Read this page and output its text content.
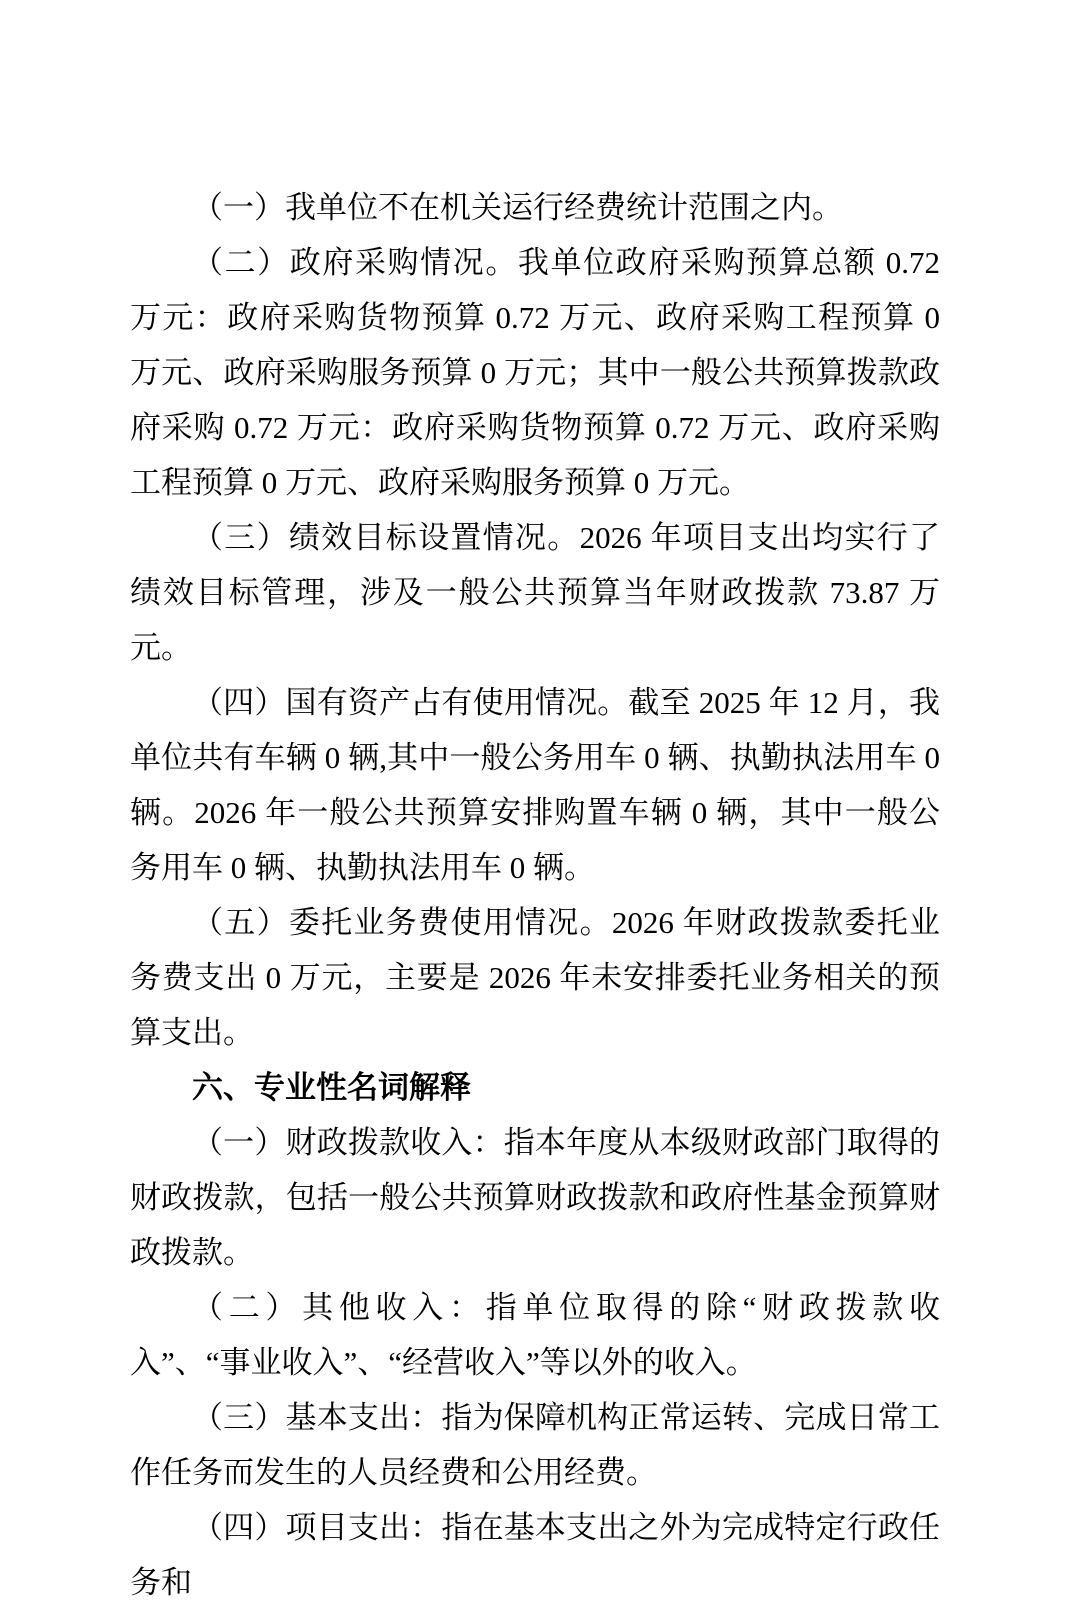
（一）我单位不在机关运行经费统计范围之内。

（二）政府采购情况。我单位政府采购预算总额 0.72 万元：政府采购货物预算 0.72 万元、政府采购工程预算 0 万元、政府采购服务预算 0 万元；其中一般公共预算拨款政府采购 0.72 万元：政府采购货物预算 0.72 万元、政府采购工程预算 0 万元、政府采购服务预算 0 万元。

（三）绩效目标设置情况。2026 年项目支出均实行了绩效目标管理，涉及一般公共预算当年财政拨款 73.87 万元。

（四）国有资产占有使用情况。截至 2025 年 12 月，我单位共有车辆 0 辆,其中一般公务用车 0 辆、执勤执法用车 0 辆。2026 年一般公共预算安排购置车辆 0 辆，其中一般公务用车 0 辆、执勤执法用车 0 辆。

（五）委托业务费使用情况。2026 年财政拨款委托业务费支出 0 万元，主要是 2026 年未安排委托业务相关的预算支出。

六、专业性名词解释

（一）财政拨款收入：指本年度从本级财政部门取得的财政拨款，包括一般公共预算财政拨款和政府性基金预算财政拨款。

（二）其他收入：指单位取得的除“财政拨款收入”、“事业收入”、“经营收入”等以外的收入。

（三）基本支出：指为保障机构正常运转、完成日常工作任务而发生的人员经费和公用经费。

（四）项目支出：指在基本支出之外为完成特定行政任务和
